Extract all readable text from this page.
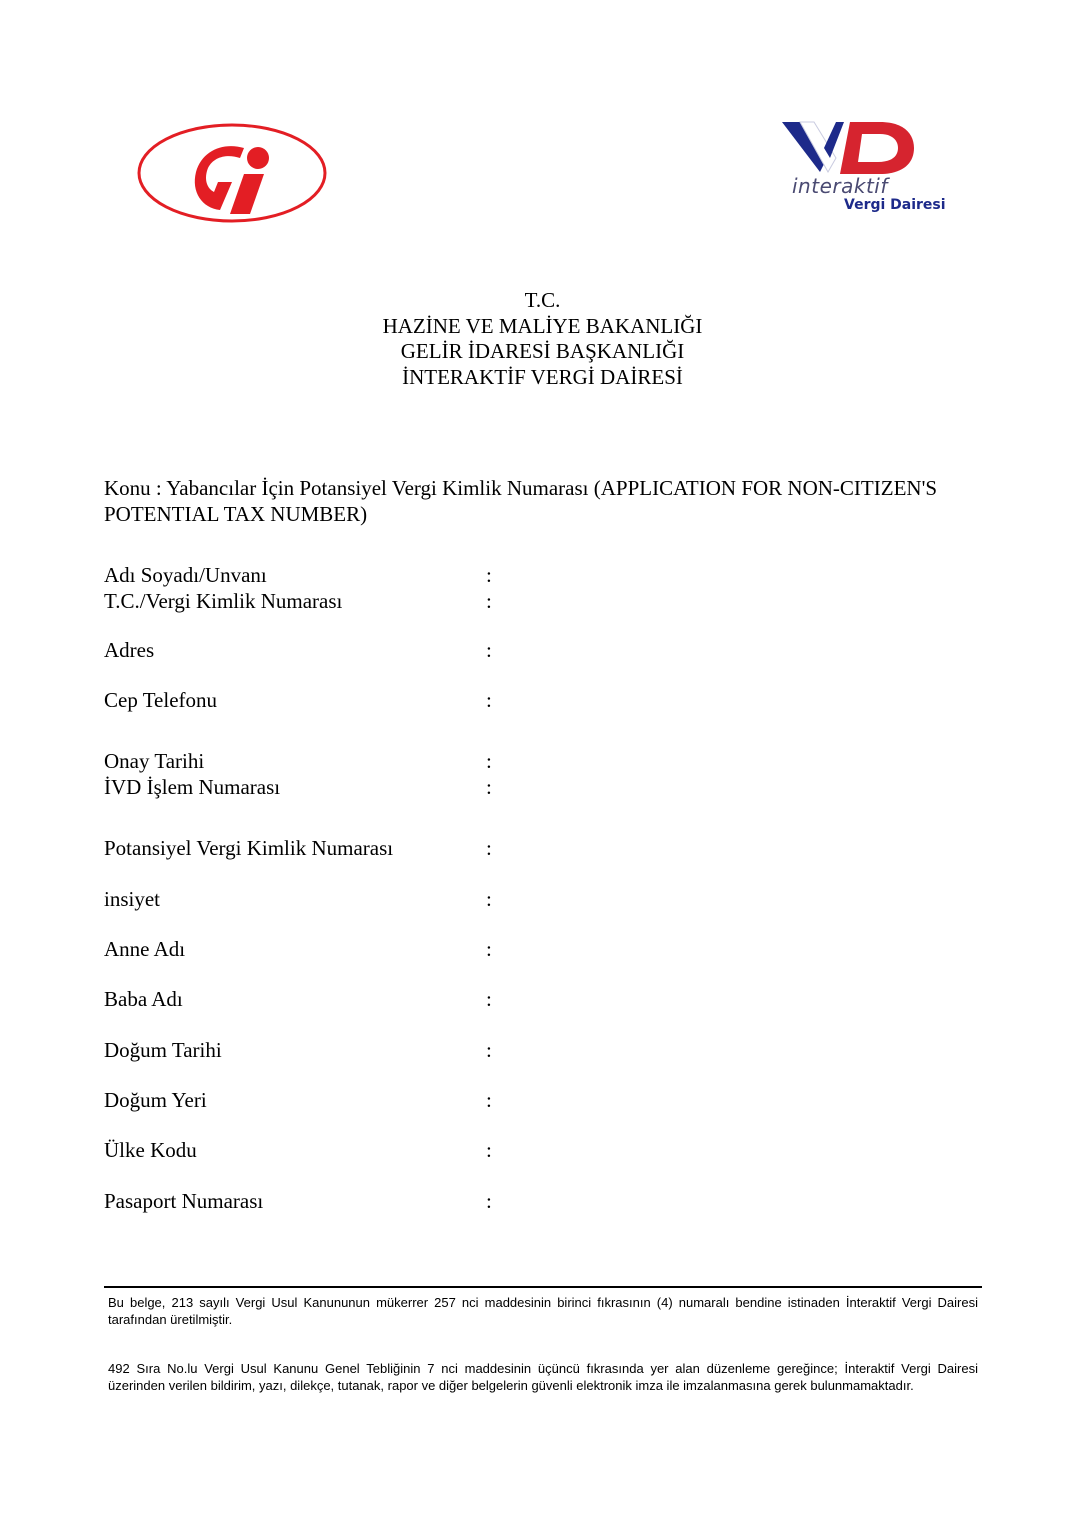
interaktif
Vergi Dairesi
T.C.
HAZİNE VE MALİYE BAKANLIĞI
GELİR İDARESİ BAŞKANLIĞI
İNTERAKTİF VERGİ DAİRESİ
Konu : Yabancılar İçin Potansiyel Vergi Kimlik Numarası (APPLICATION FOR NON-CITIZEN'S POTENTIAL TAX NUMBER)
Adı Soyadı/Unvanı	:
T.C./Vergi Kimlik Numarası	:
Adres	:
Cep Telefonu	:
Onay Tarihi	:
İVD İşlem Numarası	:
Potansiyel Vergi Kimlik Numarası	:
insiyet	:
Anne Adı	:
Baba Adı	:
Doğum Tarihi	:
Doğum Yeri	:
Ülke Kodu	:
Pasaport Numarası	:
Bu belge, 213 sayılı Vergi Usul Kanununun mükerrer 257 nci maddesinin birinci fıkrasının (4) numaralı bendine istinaden İnteraktif Vergi Dairesi tarafından üretilmiştir.
492 Sıra No.lu Vergi Usul Kanunu Genel Tebliğinin 7 nci maddesinin üçüncü fıkrasında yer alan düzenleme gereğince; İnteraktif Vergi Dairesi üzerinden verilen bildirim, yazı, dilekçe, tutanak, rapor ve diğer belgelerin güvenli elektronik imza ile imzalanmasına gerek bulunmamaktadır.
